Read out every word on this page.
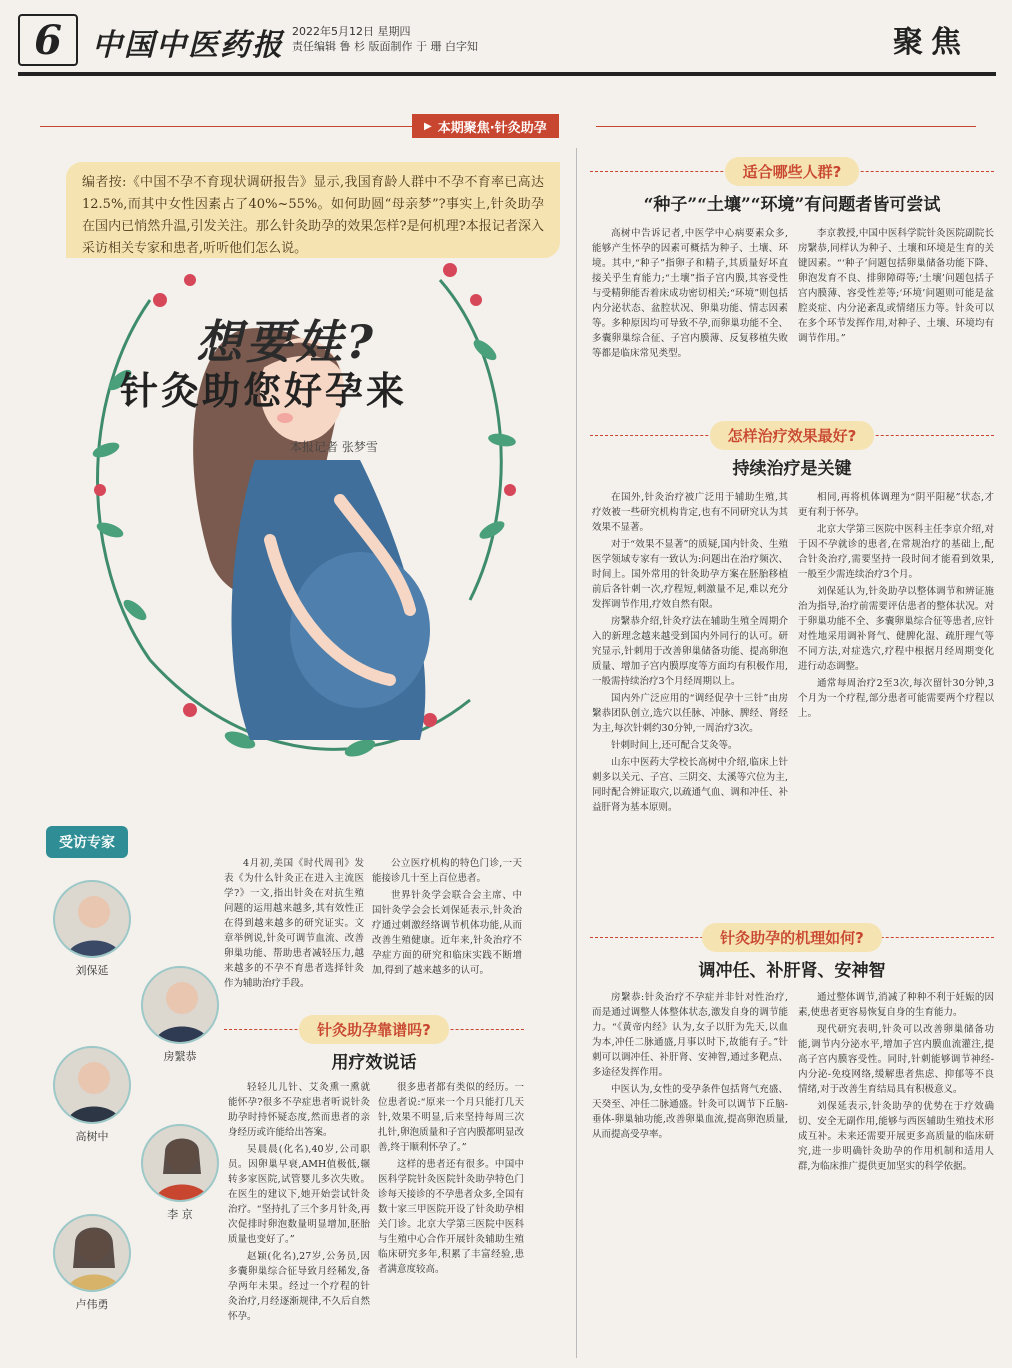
6	中国中医药报 2022年5月12日 星期四
责任编辑 鲁 杉 版面制作 于 珊 白字知	聚焦
▶ 本期聚焦·针灸助孕
编者按:《中国不孕不育现状调研报告》显示,我国育龄人群中不孕不育率已高达12.5%,而其中女性因素占了40%~55%。如何助圆“母亲梦”?事实上,针灸助孕在国内已悄然升温,引发关注。那么针灸助孕的效果怎样?是何机理?本报记者深入采访相关专家和患者,听听他们怎么说。
想要娃?
针灸助您好孕来
本报记者 张梦雪
受访专家
刘保延
房繄恭
高树中
李 京
卢伟勇

4月初,美国《时代周刊》发表《为什么针灸正在进入主流医学?》一文,指出针灸在对抗生殖问题的运用越来越多,其有效性正在得到越来越多的研究证实。文章举例说,针灸可调节血流、改善卵巢功能、帮助患者减轻压力,越来越多的不孕不育患者选择针灸作为辅助治疗手段。

公立医疗机构的特色门诊,一天能接诊几十至上百位患者。

世界针灸学会联合会主席、中国针灸学会会长刘保延表示,针灸治疗通过刺激经络调节机体功能,从而改善生殖健康。近年来,针灸治疗不孕症方面的研究和临床实践不断增加,得到了越来越多的认可。

针灸助孕靠谱吗?
用疗效说话

轻轻儿儿针、艾灸熏一熏就能怀孕?很多不孕症患者听说针灸助孕时持怀疑态度,然而患者的亲身经历或许能给出答案。

吴晨晨(化名),40岁,公司职员。因卵巢早衰,AMH值极低,辗转多家医院,试管婴儿多次失败。在医生的建议下,她开始尝试针灸治疗。“坚持扎了三个多月针灸,再次促排时卵泡数量明显增加,胚胎质量也变好了。”

赵颖(化名),27岁,公务员,因多囊卵巢综合征导致月经稀发,备孕两年未果。经过一个疗程的针灸治疗,月经逐渐规律,不久后自然怀孕。

很多患者都有类似的经历。一位患者说:“原来一个月只能打几天针,效果不明显,后来坚持每周三次扎针,卵泡质量和子宫内膜都明显改善,终于顺利怀孕了。”

这样的患者还有很多。中国中医科学院针灸医院针灸助孕特色门诊每天接诊的不孕患者众多,全国有数十家三甲医院开设了针灸助孕相关门诊。北京大学第三医院中医科与生殖中心合作开展针灸辅助生殖临床研究多年,积累了丰富经验,患者满意度较高。

适合哪些人群?
“种子”“土壤”“环境”有问题者皆可尝试

高树中告诉记者,中医学中心病要素众多,能够产生怀孕的因素可概括为种子、土壤、环境。其中,“种子”指卵子和精子,其质量好坏直接关乎生育能力;“土壤”指子宫内膜,其容受性与受精卵能否着床成功密切相关;“环境”则包括内分泌状态、盆腔状况、卵巢功能、情志因素等。多种原因均可导致不孕,而卵巢功能不全、多囊卵巢综合征、子宫内膜薄、反复移植失败等都是临床常见类型。

李京教授,中国中医科学院针灸医院副院长房繄恭,同样认为种子、土壤和环境是生育的关键因素。“‘种子’问题包括卵巢储备功能下降、卵泡发育不良、排卵障碍等;‘土壤’问题包括子宫内膜薄、容受性差等;‘环境’问题则可能是盆腔炎症、内分泌紊乱或情绪压力等。针灸可以在多个环节发挥作用,对种子、土壤、环境均有调节作用。”

怎样治疗效果最好?
持续治疗是关键

在国外,针灸治疗被广泛用于辅助生殖,其疗效被一些研究机构肯定,也有不同研究认为其效果不显著。

对于“效果不显著”的质疑,国内针灸、生殖医学领域专家有一致认为:问题出在治疗频次、时间上。国外常用的针灸助孕方案在胚胎移植前后各针刺一次,疗程短,刺激量不足,难以充分发挥调节作用,疗效自然有限。

房繄恭介绍,针灸疗法在辅助生殖全周期介入的新理念越来越受到国内外同行的认可。研究显示,针刺用于改善卵巢储备功能、提高卵泡质量、增加子宫内膜厚度等方面均有积极作用,一般需持续治疗3个月经周期以上。

国内外广泛应用的“调经促孕十三针”由房繄恭团队创立,选穴以任脉、冲脉、脾经、肾经为主,每次针刺约30分钟,一周治疗3次。

针刺时间上,还可配合艾灸等。

山东中医药大学校长高树中介绍,临床上针刺多以关元、子宫、三阴交、太溪等穴位为主,同时配合辨证取穴,以疏通气血、调和冲任、补益肝肾为基本原则。

相同,再将机体调理为“阴平阳秘”状态,才更有利于怀孕。

北京大学第三医院中医科主任李京介绍,对于因不孕就诊的患者,在常规治疗的基础上,配合针灸治疗,需要坚持一段时间才能看到效果,一般至少需连续治疗3个月。

刘保延认为,针灸助孕以整体调节和辨证施治为指导,治疗前需要评估患者的整体状况。对于卵巢功能不全、多囊卵巢综合征等患者,应针对性地采用调补肾气、健脾化湿、疏肝理气等不同方法,对症选穴,疗程中根据月经周期变化进行动态调整。

通常每周治疗2至3次,每次留针30分钟,3个月为一个疗程,部分患者可能需要两个疗程以上。

针灸助孕的机理如何?
调冲任、补肝肾、安神智

房繄恭:针灸治疗不孕症并非针对性治疗,而是通过调整人体整体状态,激发自身的调节能力。“《黄帝内经》认为,女子以肝为先天,以血为本,冲任二脉通盛,月事以时下,故能有子。”针刺可以调冲任、补肝肾、安神智,通过多靶点、多途径发挥作用。

中医认为,女性的受孕条件包括肾气充盛、天癸至、冲任二脉通盛。针灸可以调节下丘脑-垂体-卵巢轴功能,改善卵巢血流,提高卵泡质量,从而提高受孕率。

通过整体调节,消减了种种不利于妊娠的因素,使患者更容易恢复自身的生育能力。

现代研究表明,针灸可以改善卵巢储备功能,调节内分泌水平,增加子宫内膜血流灌注,提高子宫内膜容受性。同时,针刺能够调节神经-内分泌-免疫网络,缓解患者焦虑、抑郁等不良情绪,对于改善生育结局具有积极意义。

刘保延表示,针灸助孕的优势在于疗效确切、安全无副作用,能够与西医辅助生殖技术形成互补。未来还需要开展更多高质量的临床研究,进一步明确针灸助孕的作用机制和适用人群,为临床推广提供更加坚实的科学依据。
